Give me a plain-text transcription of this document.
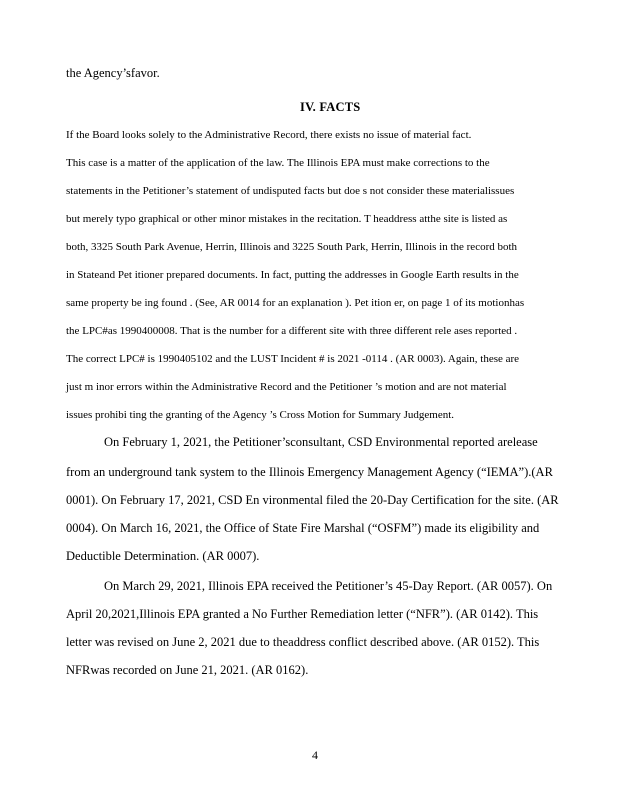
the Agency’sfavor.

IV. FACTS

If the Board looks solely to the Administrative Record, there exists no issue of material fact.

This case is a matter of the application of the law. The Illinois EPA must make corrections to the

statements in the Petitioner’s statement of undisputed facts but doe s not consider these materialissues

but merely typo graphical or other minor mistakes in the recitation. T headdress atthe site is listed as

both, 3325 South Park Avenue, Herrin, Illinois and 3225 South Park, Herrin, Illinois in the record both

in Stateand Pet itioner prepared documents. In fact, putting the addresses in Google Earth results in the

same property be ing found . (See, AR 0014 for an explanation ). Pet ition er, on page 1 of its motionhas

the LPC#as 1990400008. That is the number for a different site with three different rele ases reported .

The correct LPC# is 1990405102 and the LUST Incident # is 2021 -0114 . (AR 0003). Again, these are

just m inor errors within the Administrative Record and the Petitioner ’s motion and are not material

issues prohibi ting the granting of the Agency ’s Cross Motion for Summary Judgement.

On February 1, 2021, the Petitioner’sconsultant, CSD Environmental reported arelease

from an underground tank system to the Illinois Emergency Management Agency (“IEMA”).(AR

0001). On February 17, 2021, CSD En vironmental filed the 20-Day Certification for the site. (AR

0004). On March 16, 2021, the Office of State Fire Marshal (“OSFM”) made its eligibility and

Deductible Determination. (AR 0007).

On March 29, 2021, Illinois EPA received the Petitioner’s 45-Day Report. (AR 0057). On

April 20,2021,Illinois EPA granted a No Further Remediation letter (“NFR”). (AR 0142). This

letter was revised on June 2, 2021 due to theaddress conflict described above. (AR 0152). This

NFRwas recorded on June 21, 2021. (AR 0162).

4
